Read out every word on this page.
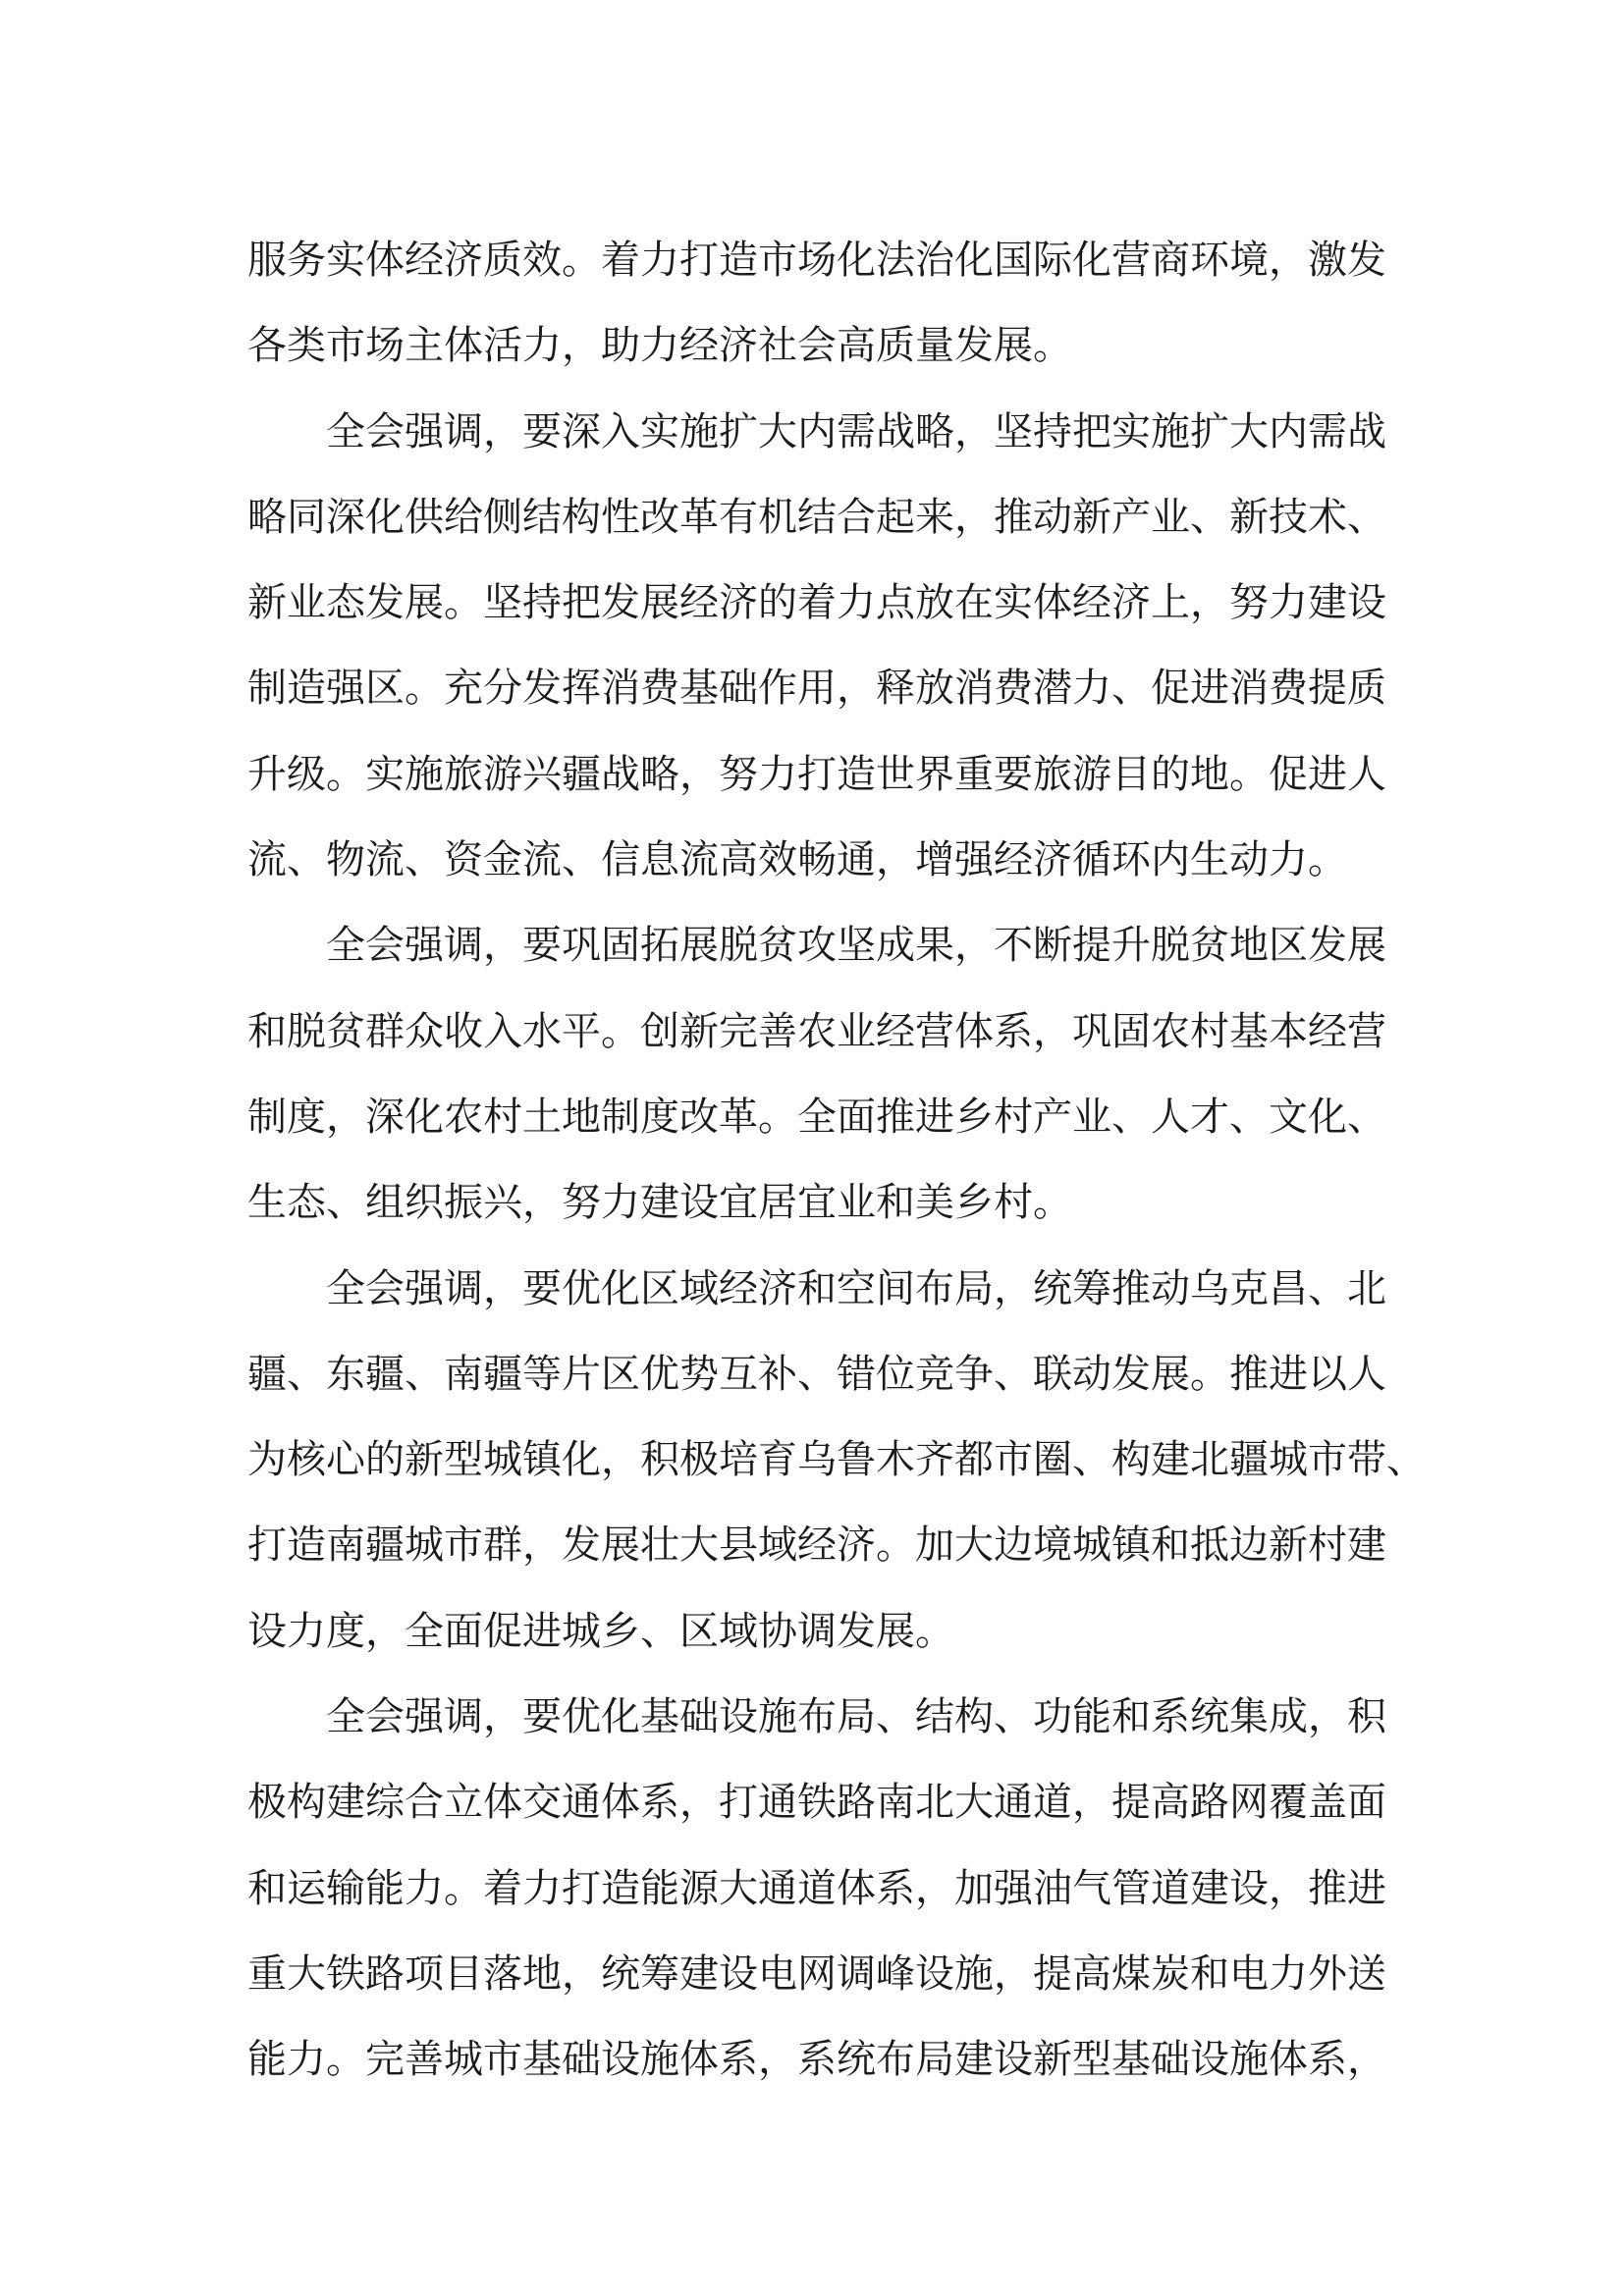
服务实体经济质效。着力打造市场化法治化国际化营商环境，激发
各类市场主体活力，助力经济社会高质量发展。

全会强调，要深入实施扩大内需战略，坚持把实施扩大内需战
略同深化供给侧结构性改革有机结合起来，推动新产业、新技术、
新业态发展。坚持把发展经济的着力点放在实体经济上，努力建设
制造强区。充分发挥消费基础作用，释放消费潜力、促进消费提质
升级。实施旅游兴疆战略，努力打造世界重要旅游目的地。促进人
流、物流、资金流、信息流高效畅通，增强经济循环内生动力。

全会强调，要巩固拓展脱贫攻坚成果，不断提升脱贫地区发展
和脱贫群众收入水平。创新完善农业经营体系，巩固农村基本经营
制度，深化农村土地制度改革。全面推进乡村产业、人才、文化、
生态、组织振兴，努力建设宜居宜业和美乡村。

全会强调，要优化区域经济和空间布局，统筹推动乌克昌、北
疆、东疆、南疆等片区优势互补、错位竞争、联动发展。推进以人
为核心的新型城镇化，积极培育乌鲁木齐都市圈、构建北疆城市带、
打造南疆城市群，发展壮大县域经济。加大边境城镇和抵边新村建
设力度，全面促进城乡、区域协调发展。

全会强调，要优化基础设施布局、结构、功能和系统集成，积
极构建综合立体交通体系，打通铁路南北大通道，提高路网覆盖面
和运输能力。着力打造能源大通道体系，加强油气管道建设，推进
重大铁路项目落地，统筹建设电网调峰设施，提高煤炭和电力外送
能力。完善城市基础设施体系，系统布局建设新型基础设施体系，
